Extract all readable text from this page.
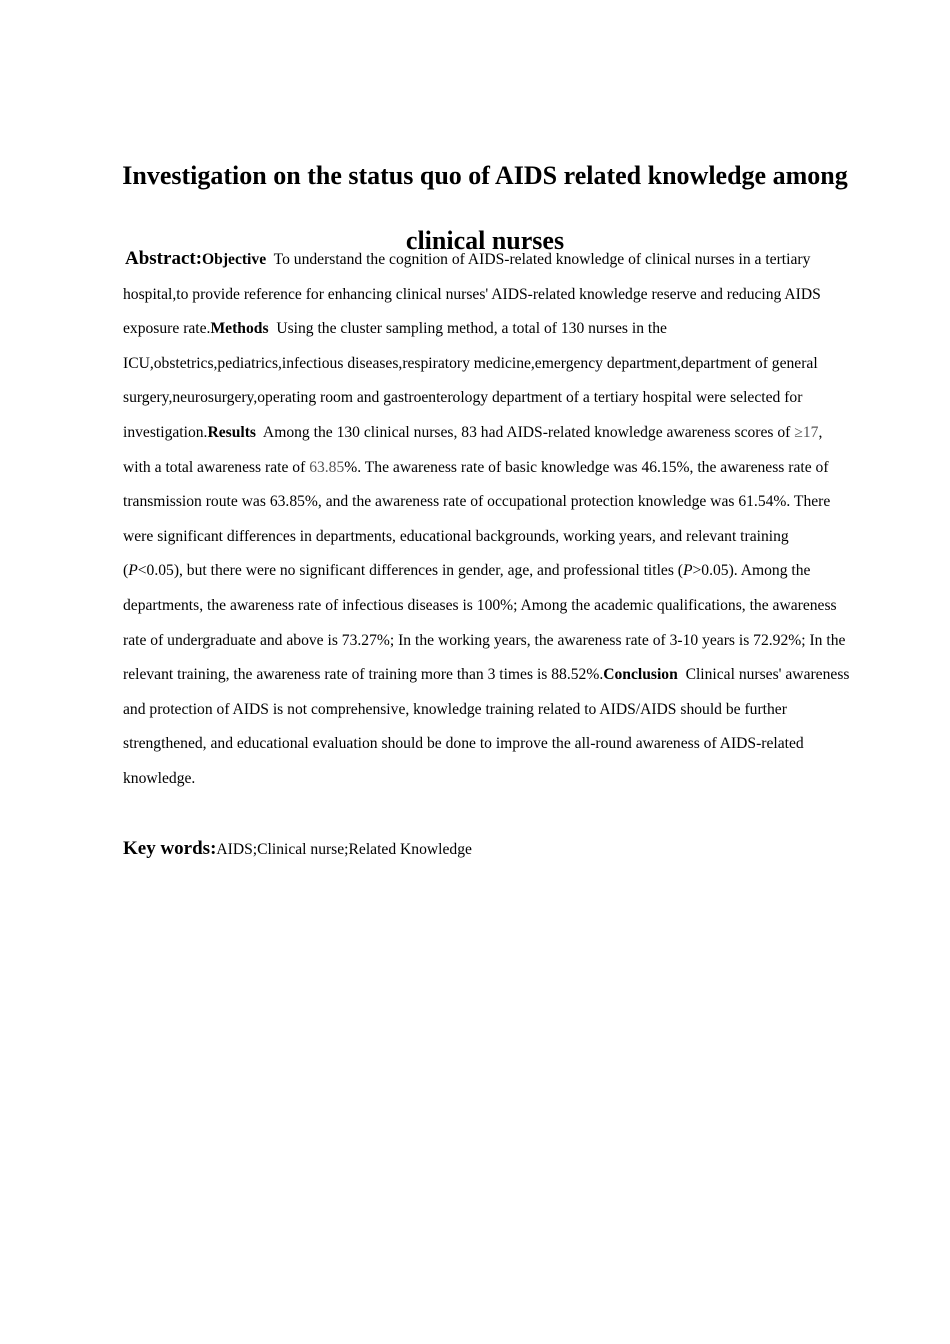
Investigation on the status quo of AIDS related knowledge among
clinical nurses
Abstract:Objective  To understand the cognition of AIDS-related knowledge of clinical nurses in a tertiary hospital,to provide reference for enhancing clinical nurses' AIDS-related knowledge reserve and reducing AIDS exposure rate.Methods  Using the cluster sampling method, a total of 130 nurses in the ICU,obstetrics,pediatrics,infectious diseases,respiratory medicine,emergency department,department of general surgery,neurosurgery,operating room and gastroenterology department of a tertiary hospital were selected for investigation.Results  Among the 130 clinical nurses, 83 had AIDS-related knowledge awareness scores of ≥17, with a total awareness rate of 63.85%. The awareness rate of basic knowledge was 46.15%, the awareness rate of transmission route was 63.85%, and the awareness rate of occupational protection knowledge was 61.54%. There were significant differences in departments, educational backgrounds, working years, and relevant training (P<0.05), but there were no significant differences in gender, age, and professional titles (P>0.05). Among the departments, the awareness rate of infectious diseases is 100%; Among the academic qualifications, the awareness rate of undergraduate and above is 73.27%; In the working years, the awareness rate of 3-10 years is 72.92%; In the relevant training, the awareness rate of training more than 3 times is 88.52%.Conclusion  Clinical nurses' awareness and protection of AIDS is not comprehensive, knowledge training related to AIDS/AIDS should be further strengthened, and educational evaluation should be done to improve the all-round awareness of AIDS-related knowledge.
Key words:AIDS;Clinical nurse;Related Knowledge
